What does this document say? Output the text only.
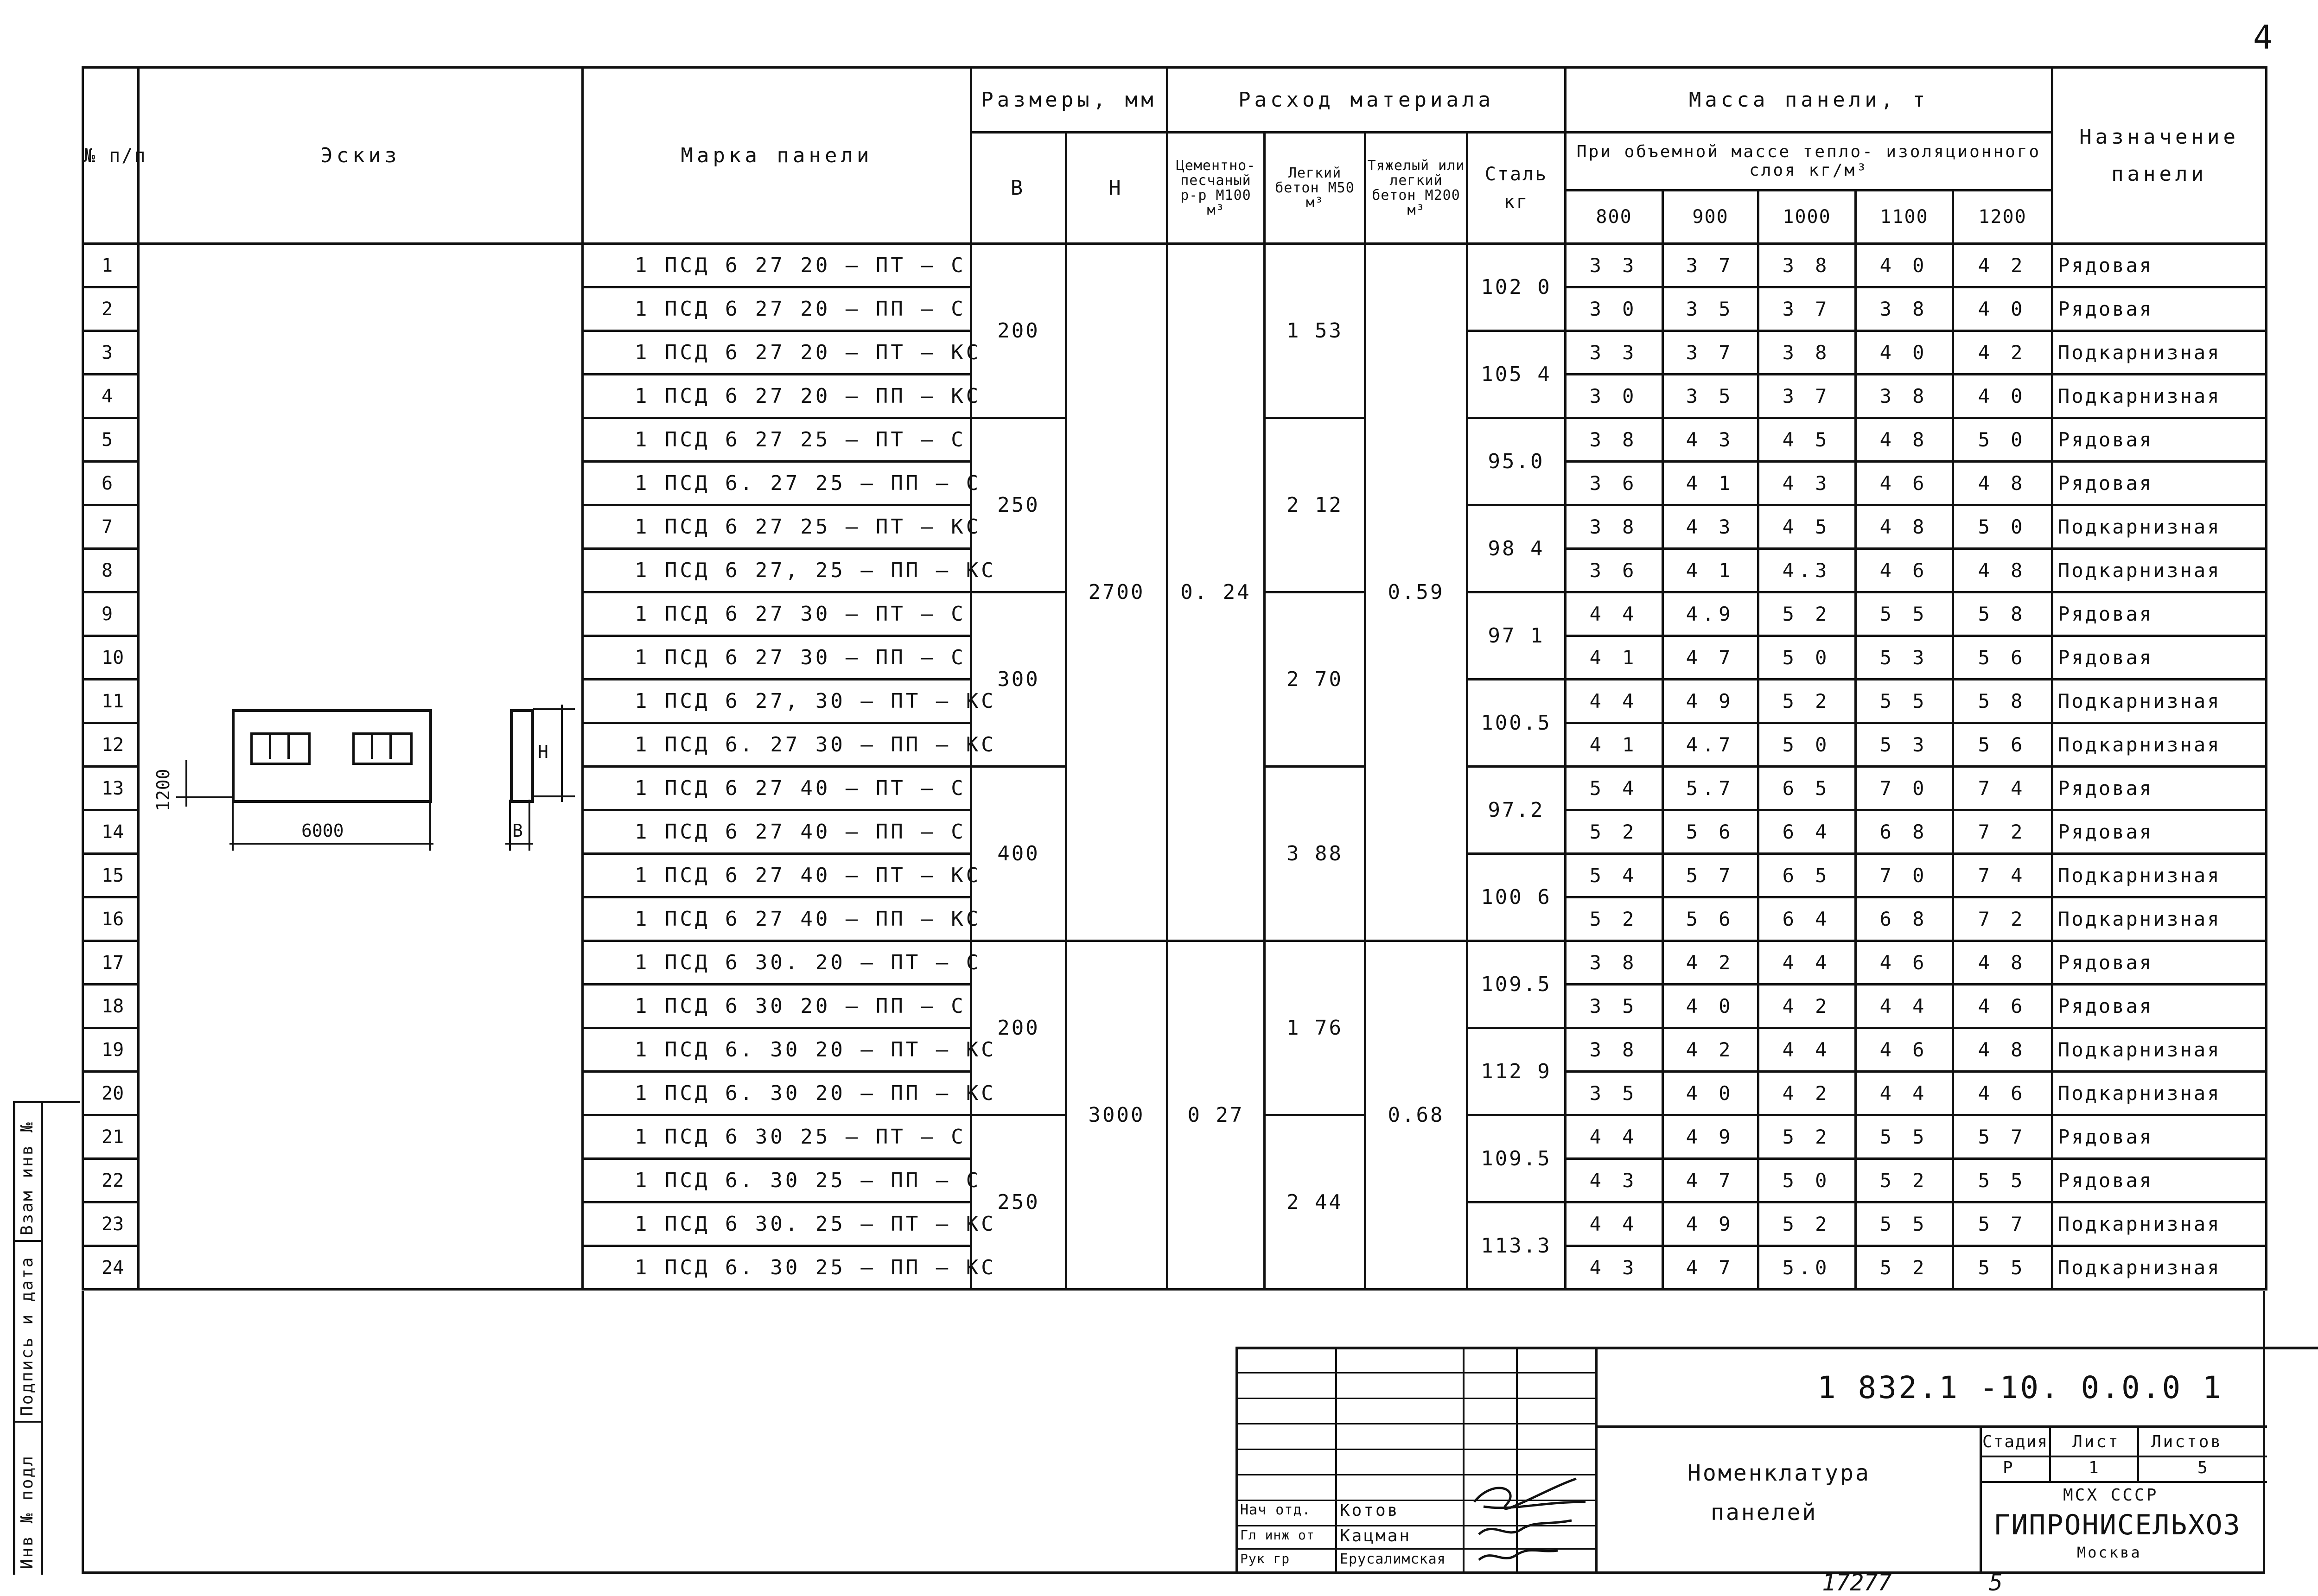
4
№ п/п	Эскиз	Марка панели	Размеры, мм		Расход материала				Масса панели, т					Назначение панели
			В	Н	Цементно-песчаный р-р М100 м³	Легкий бетон М50 м³	Тяжелый или легкий бетон М200 м³	Сталь кг	При объемной массе тепло- изоляционного слоя кг/м³					
									800	900	1000	1100	1200	
1		1 ПСД 6 27 20 – ПТ – С	200	2700	0. 24	1 53	0.59	102 0	3 3	3 7	3 8	4 0	4 2	Рядовая
2		1 ПСД 6 27 20 – ПП – С							3 0	3 5	3 7	3 8	4 0	Рядовая
3		1 ПСД 6 27 20 – ПТ – КС						105 4	3 3	3 7	3 8	4 0	4 2	Подкарнизная
4		1 ПСД 6 27 20 – ПП – КС							3 0	3 5	3 7	3 8	4 0	Подкарнизная
5		1 ПСД 6 27 25 – ПТ – С	250			2 12		95.0	3 8	4 3	4 5	4 8	5 0	Рядовая
6		1 ПСД 6. 27 25 – ПП – С							3 6	4 1	4 3	4 6	4 8	Рядовая
7		1 ПСД 6 27 25 – ПТ – КС						98 4	3 8	4 3	4 5	4 8	5 0	Подкарнизная
8		1 ПСД 6 27, 25 – ПП – КС							3 6	4 1	4.3	4 6	4 8	Подкарнизная
9		1 ПСД 6 27 30 – ПТ – С	300			2 70		97 1	4 4	4.9	5 2	5 5	5 8	Рядовая
10		1 ПСД 6 27 30 – ПП – С							4 1	4 7	5 0	5 3	5 6	Рядовая
11		1 ПСД 6 27, 30 – ПТ – КС						100.5	4 4	4 9	5 2	5 5	5 8	Подкарнизная
12		1 ПСД 6. 27 30 – ПП – КС							4 1	4.7	5 0	5 3	5 6	Подкарнизная
13		1 ПСД 6 27 40 – ПТ – С	400			3 88		97.2	5 4	5.7	6 5	7 0	7 4	Рядовая
14		1 ПСД 6 27 40 – ПП – С							5 2	5 6	6 4	6 8	7 2	Рядовая
15		1 ПСД 6 27 40 – ПТ – КС						100 6	5 4	5 7	6 5	7 0	7 4	Подкарнизная
16		1 ПСД 6 27 40 – ПП – КС							5 2	5 6	6 4	6 8	7 2	Подкарнизная
17		1 ПСД 6 30. 20 – ПТ – С	200	3000	0 27	1 76	0.68	109.5	3 8	4 2	4 4	4 6	4 8	Рядовая
18		1 ПСД 6 30 20 – ПП – С							3 5	4 0	4 2	4 4	4 6	Рядовая
19		1 ПСД 6. 30 20 – ПТ – КС						112 9	3 8	4 2	4 4	4 6	4 8	Подкарнизная
20		1 ПСД 6. 30 20 – ПП – КС							3 5	4 0	4 2	4 4	4 6	Подкарнизная
21		1 ПСД 6 30 25 – ПТ – С	250			2 44		109.5	4 4	4 9	5 2	5 5	5 7	Рядовая
22		1 ПСД 6. 30 25 – ПП – С							4 3	4 7	5 0	5 2	5 5	Рядовая
23		1 ПСД 6 30. 25 – ПТ – КС						113.3	4 4	4 9	5 2	5 5	5 7	Подкарнизная
24		1 ПСД 6. 30 25 – ПП – КС							4 3	4 7	5.0	5 2	5 5	Подкарнизная
6000
1200
Н
В
1 832.1 -10. 0.0.0 1
Номенклатура
панелей
Стадия Лист Листов
Р	1	5
МСХ СССР
ГИПРОНИСЕЛЬХОЗ
Москва
Нач отд. Котов
Гл инж от Кацман
Рук гр	Ерусалимская
Инв № подл
Подпись и дата
Взам инв №
17277	5
